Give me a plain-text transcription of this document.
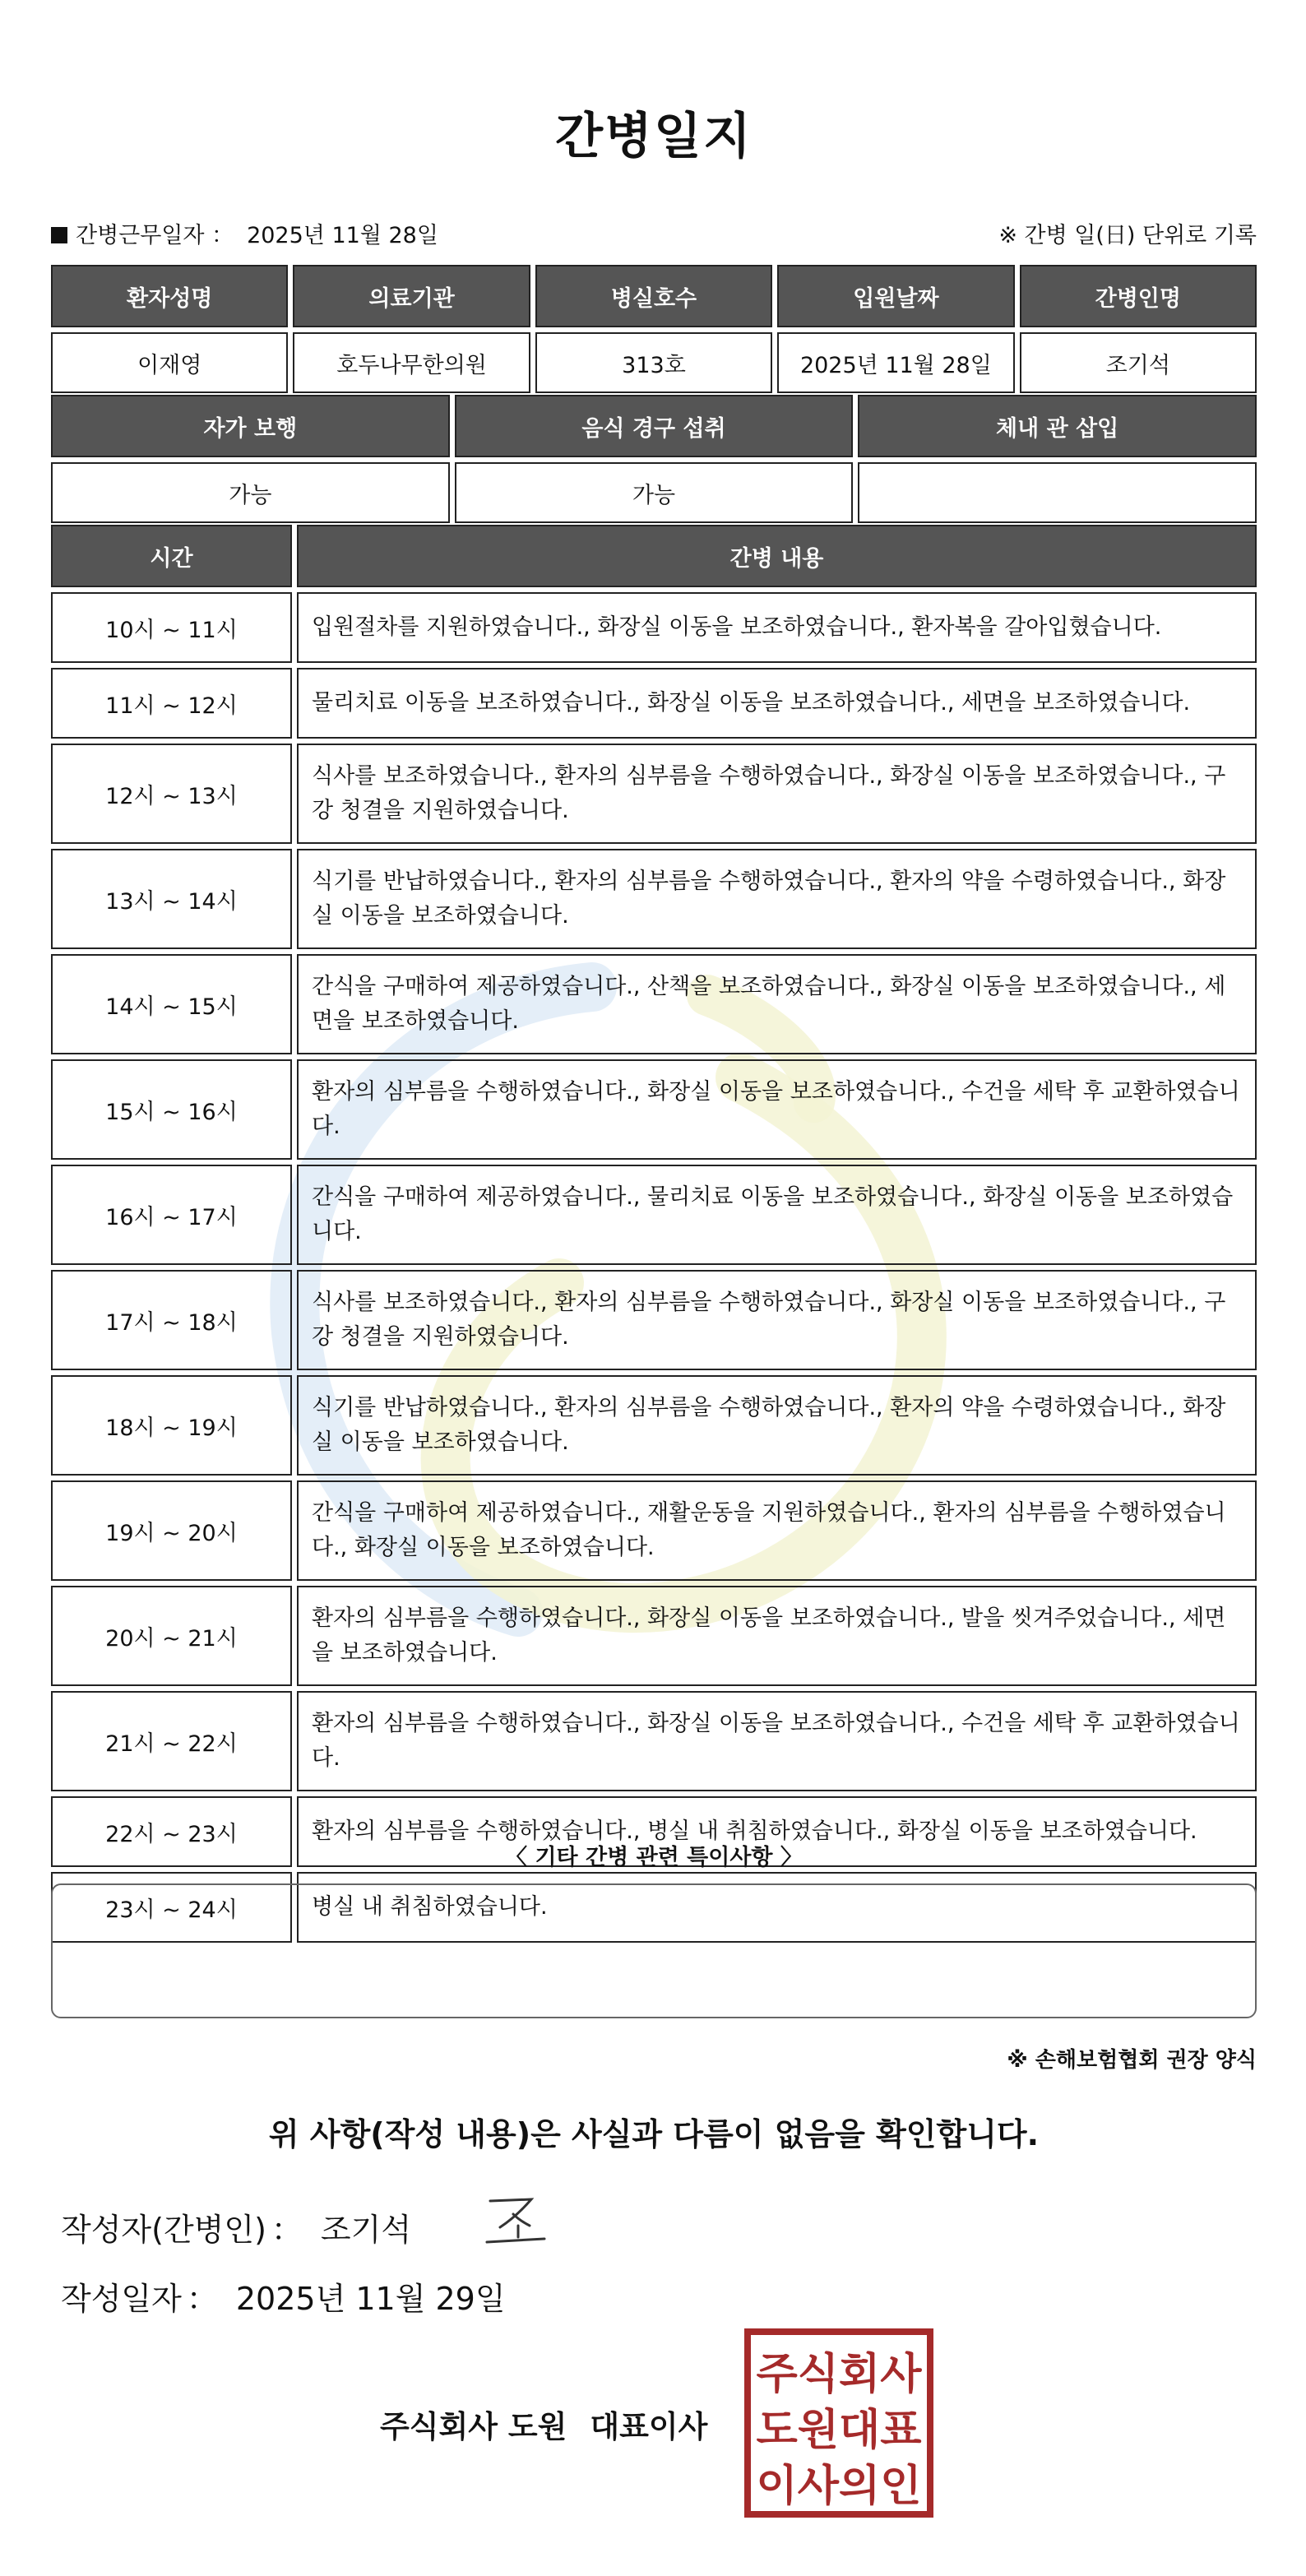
간병일지
간병근무일자 ： 2025년 11월 28일	※ 간병 일(日) 단위로 기록
환자성명	의료기관	병실호수	입원날짜	간병인명
이재영	호두나무한의원	313호	2025년 11월 28일	조기석
자가 보행	음식 경구 섭취	체내 관 삽입
가능	가능	
시간	간병 내용
10시 ~ 11시	입원절차를 지원하였습니다., 화장실 이동을 보조하였습니다., 환자복을 갈아입혔습니다.
11시 ~ 12시	물리치료 이동을 보조하였습니다., 화장실 이동을 보조하였습니다., 세면을 보조하였습니다.
12시 ~ 13시	식사를 보조하였습니다., 환자의 심부름을 수행하였습니다., 화장실 이동을 보조하였습니다., 구강 청결을 지원하였습니다.
13시 ~ 14시	식기를 반납하였습니다., 환자의 심부름을 수행하였습니다., 환자의 약을 수령하였습니다., 화장실 이동을 보조하였습니다.
14시 ~ 15시	간식을 구매하여 제공하였습니다., 산책을 보조하였습니다., 화장실 이동을 보조하였습니다., 세면을 보조하였습니다.
15시 ~ 16시	환자의 심부름을 수행하였습니다., 화장실 이동을 보조하였습니다., 수건을 세탁 후 교환하였습니다.
16시 ~ 17시	간식을 구매하여 제공하였습니다., 물리치료 이동을 보조하였습니다., 화장실 이동을 보조하였습니다.
17시 ~ 18시	식사를 보조하였습니다., 환자의 심부름을 수행하였습니다., 화장실 이동을 보조하였습니다., 구강 청결을 지원하였습니다.
18시 ~ 19시	식기를 반납하였습니다., 환자의 심부름을 수행하였습니다., 환자의 약을 수령하였습니다., 화장실 이동을 보조하였습니다.
19시 ~ 20시	간식을 구매하여 제공하였습니다., 재활운동을 지원하였습니다., 환자의 심부름을 수행하였습니다., 화장실 이동을 보조하였습니다.
20시 ~ 21시	환자의 심부름을 수행하였습니다., 화장실 이동을 보조하였습니다., 발을 씻겨주었습니다., 세면을 보조하였습니다.
21시 ~ 22시	환자의 심부름을 수행하였습니다., 화장실 이동을 보조하였습니다., 수건을 세탁 후 교환하였습니다.
22시 ~ 23시	환자의 심부름을 수행하였습니다., 병실 내 취침하였습니다., 화장실 이동을 보조하였습니다.
23시 ~ 24시	병실 내 취침하였습니다.
〈 기타 간병 관련 특이사항 〉
※ 손해보험협회 권장 양식
위 사항(작성 내용)은 사실과 다름이 없음을 확인합니다.
작성자(간병인) ： 조기석
작성일자 ： 2025년 11월 29일
주식회사 도원 대표이사
주식회사
도원대표
이사의인
